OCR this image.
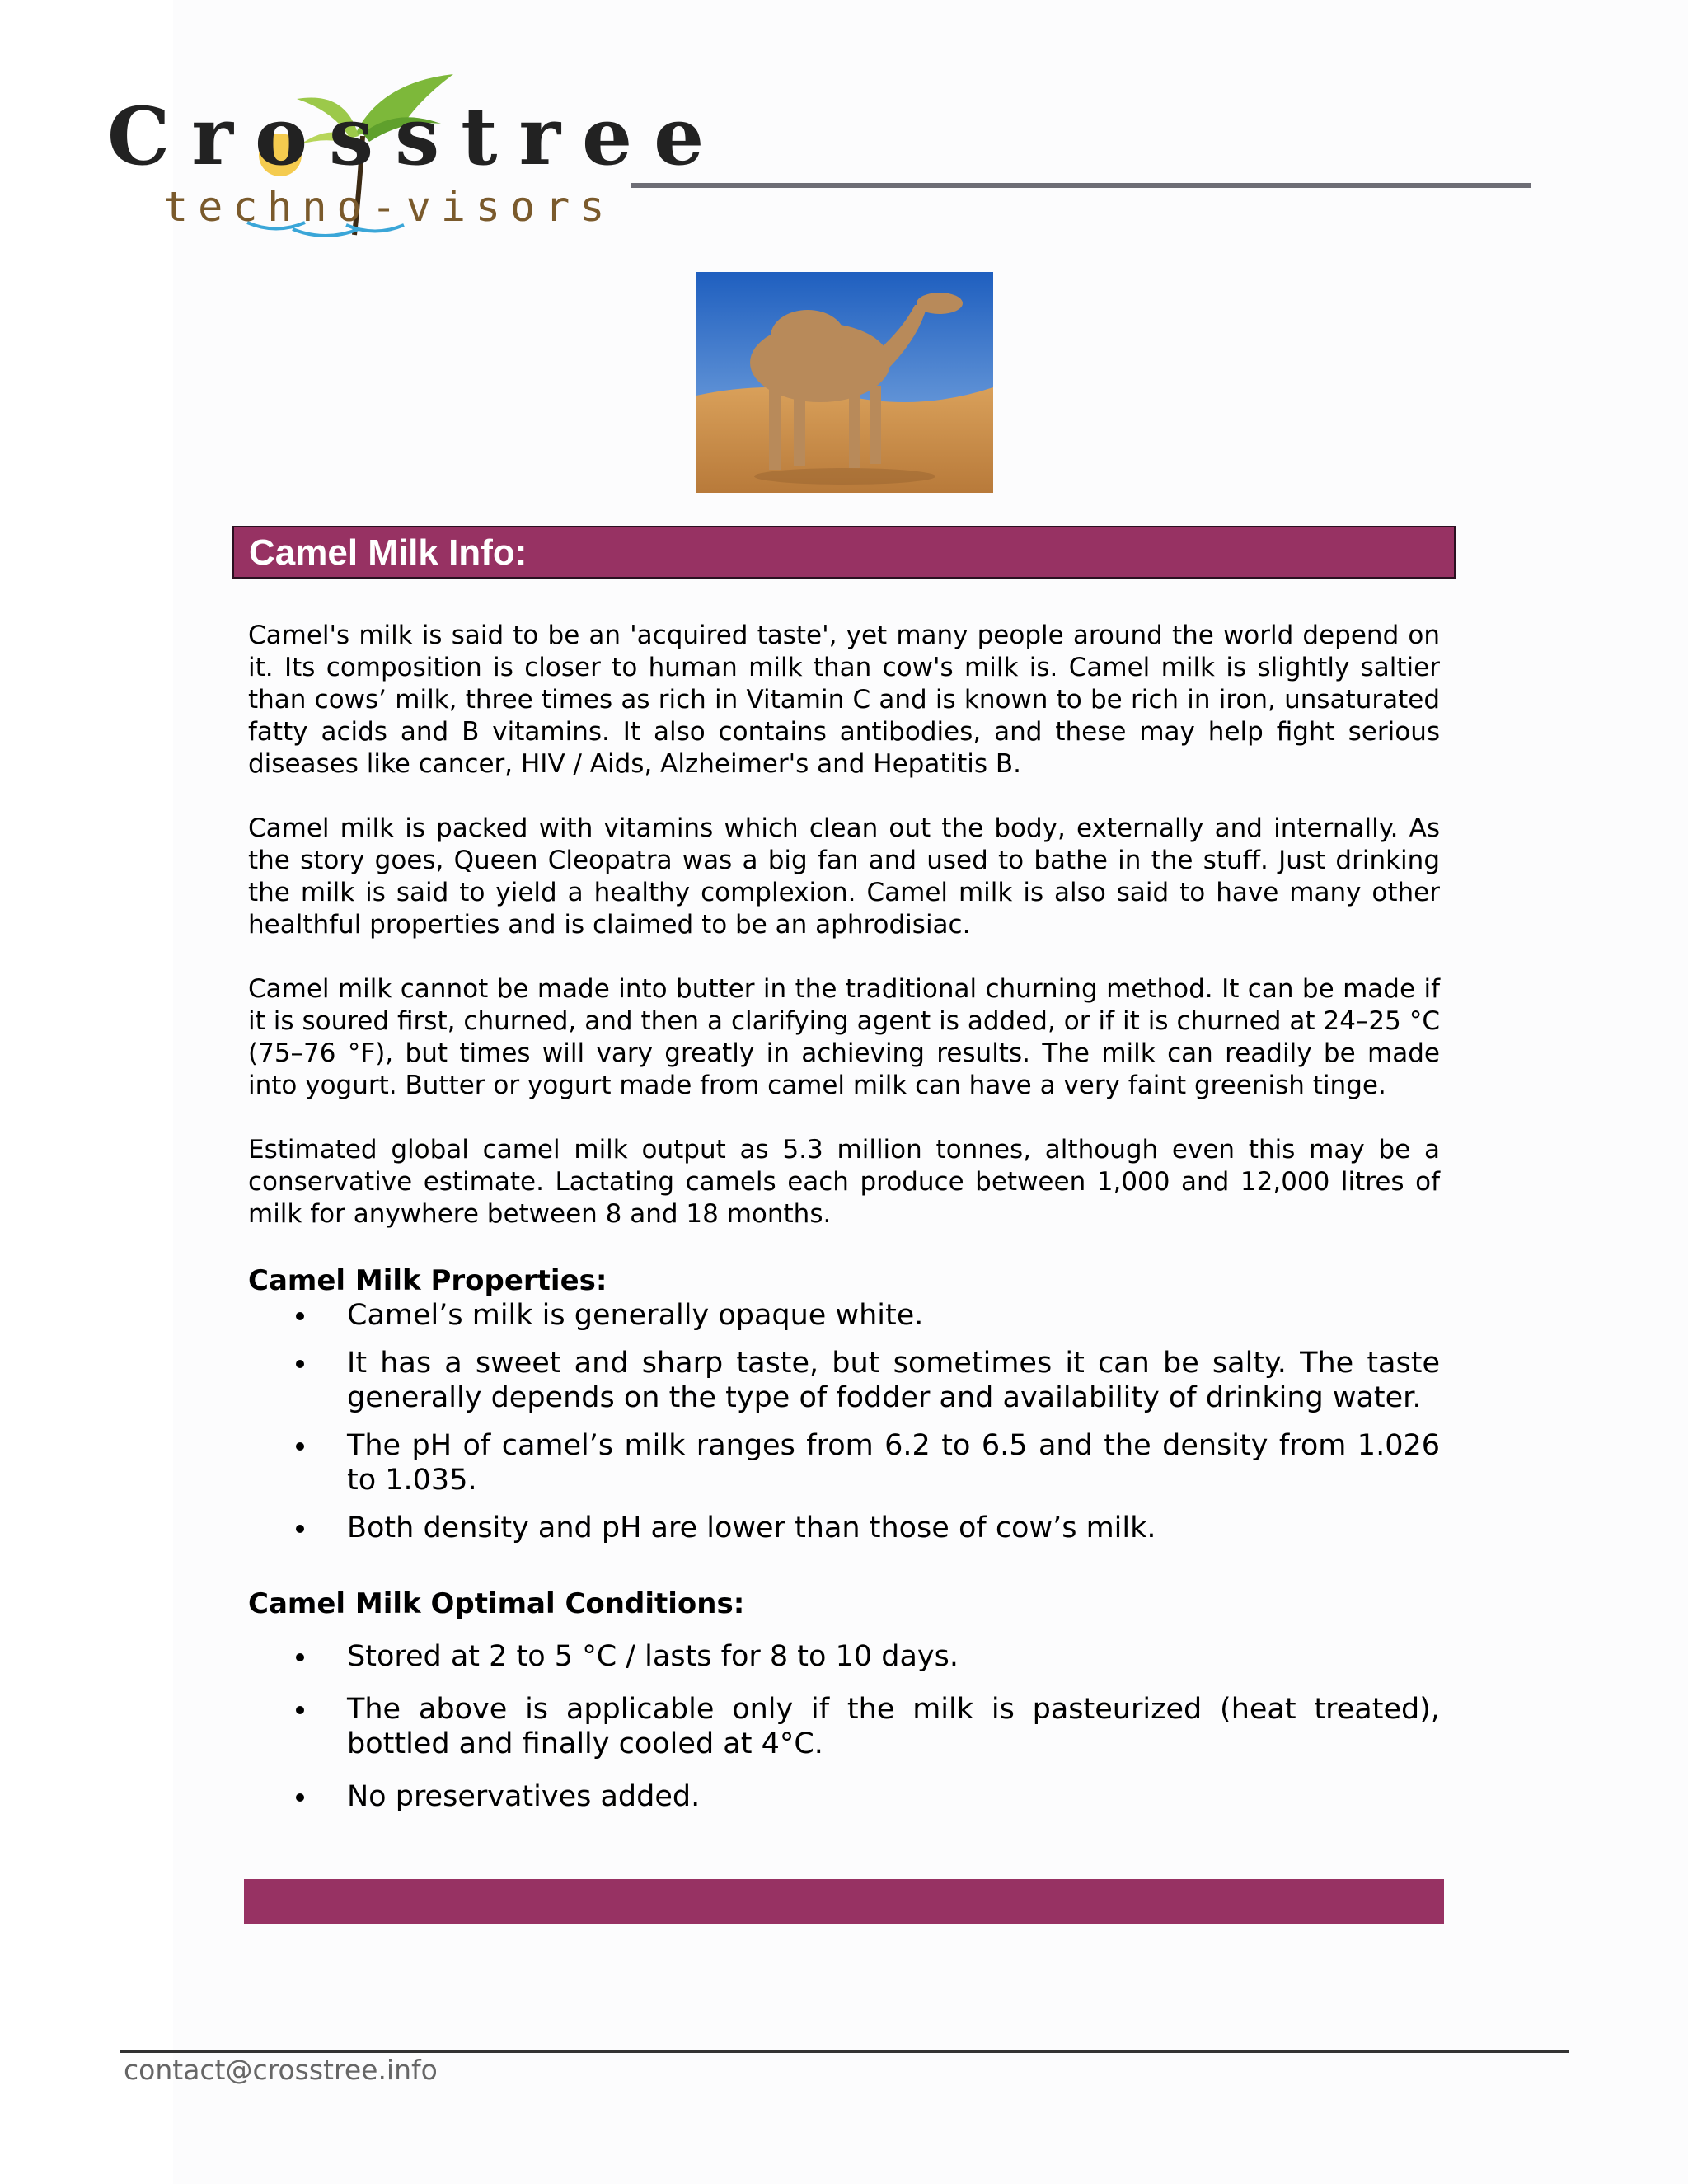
Crosstree
techno-visors
Camel Milk Info:

Camel's milk is said to be an 'acquired taste', yet many people around the world depend on it. Its composition is closer to human milk than cow's milk is. Camel milk is slightly saltier than cows’ milk, three times as rich in Vitamin C and is known to be rich in iron, unsaturated fatty acids and B vitamins. It also contains antibodies, and these may help fight serious diseases like cancer, HIV / Aids, Alzheimer's and Hepatitis B.

Camel milk is packed with vitamins which clean out the body, externally and internally. As the story goes, Queen Cleopatra was a big fan and used to bathe in the stuff. Just drinking the milk is said to yield a healthy complexion. Camel milk is also said to have many other healthful properties and is claimed to be an aphrodisiac.

Camel milk cannot be made into butter in the traditional churning method. It can be made if it is soured first, churned, and then a clarifying agent is added, or if it is churned at 24–25 °C (75–76 °F), but times will vary greatly in achieving results. The milk can readily be made into yogurt. Butter or yogurt made from camel milk can have a very faint greenish tinge.

Estimated global camel milk output as 5.3 million tonnes, although even this may be a conservative estimate. Lactating camels each produce between 1,000 and 12,000 litres of milk for anywhere between 8 and 18 months.

Camel Milk Properties:
Camel’s milk is generally opaque white.
It has a sweet and sharp taste, but sometimes it can be salty. The taste generally depends on the type of fodder and availability of drinking water.
The pH of camel’s milk ranges from 6.2 to 6.5 and the density from 1.026 to 1.035.
Both density and pH are lower than those of cow’s milk.
Camel Milk Optimal Conditions:
Stored at 2 to 5 °C / lasts for 8 to 10 days.
The above is applicable only if the milk is pasteurized (heat treated), bottled and finally cooled at 4°C.
No preservatives added.
contact@crosstree.info
